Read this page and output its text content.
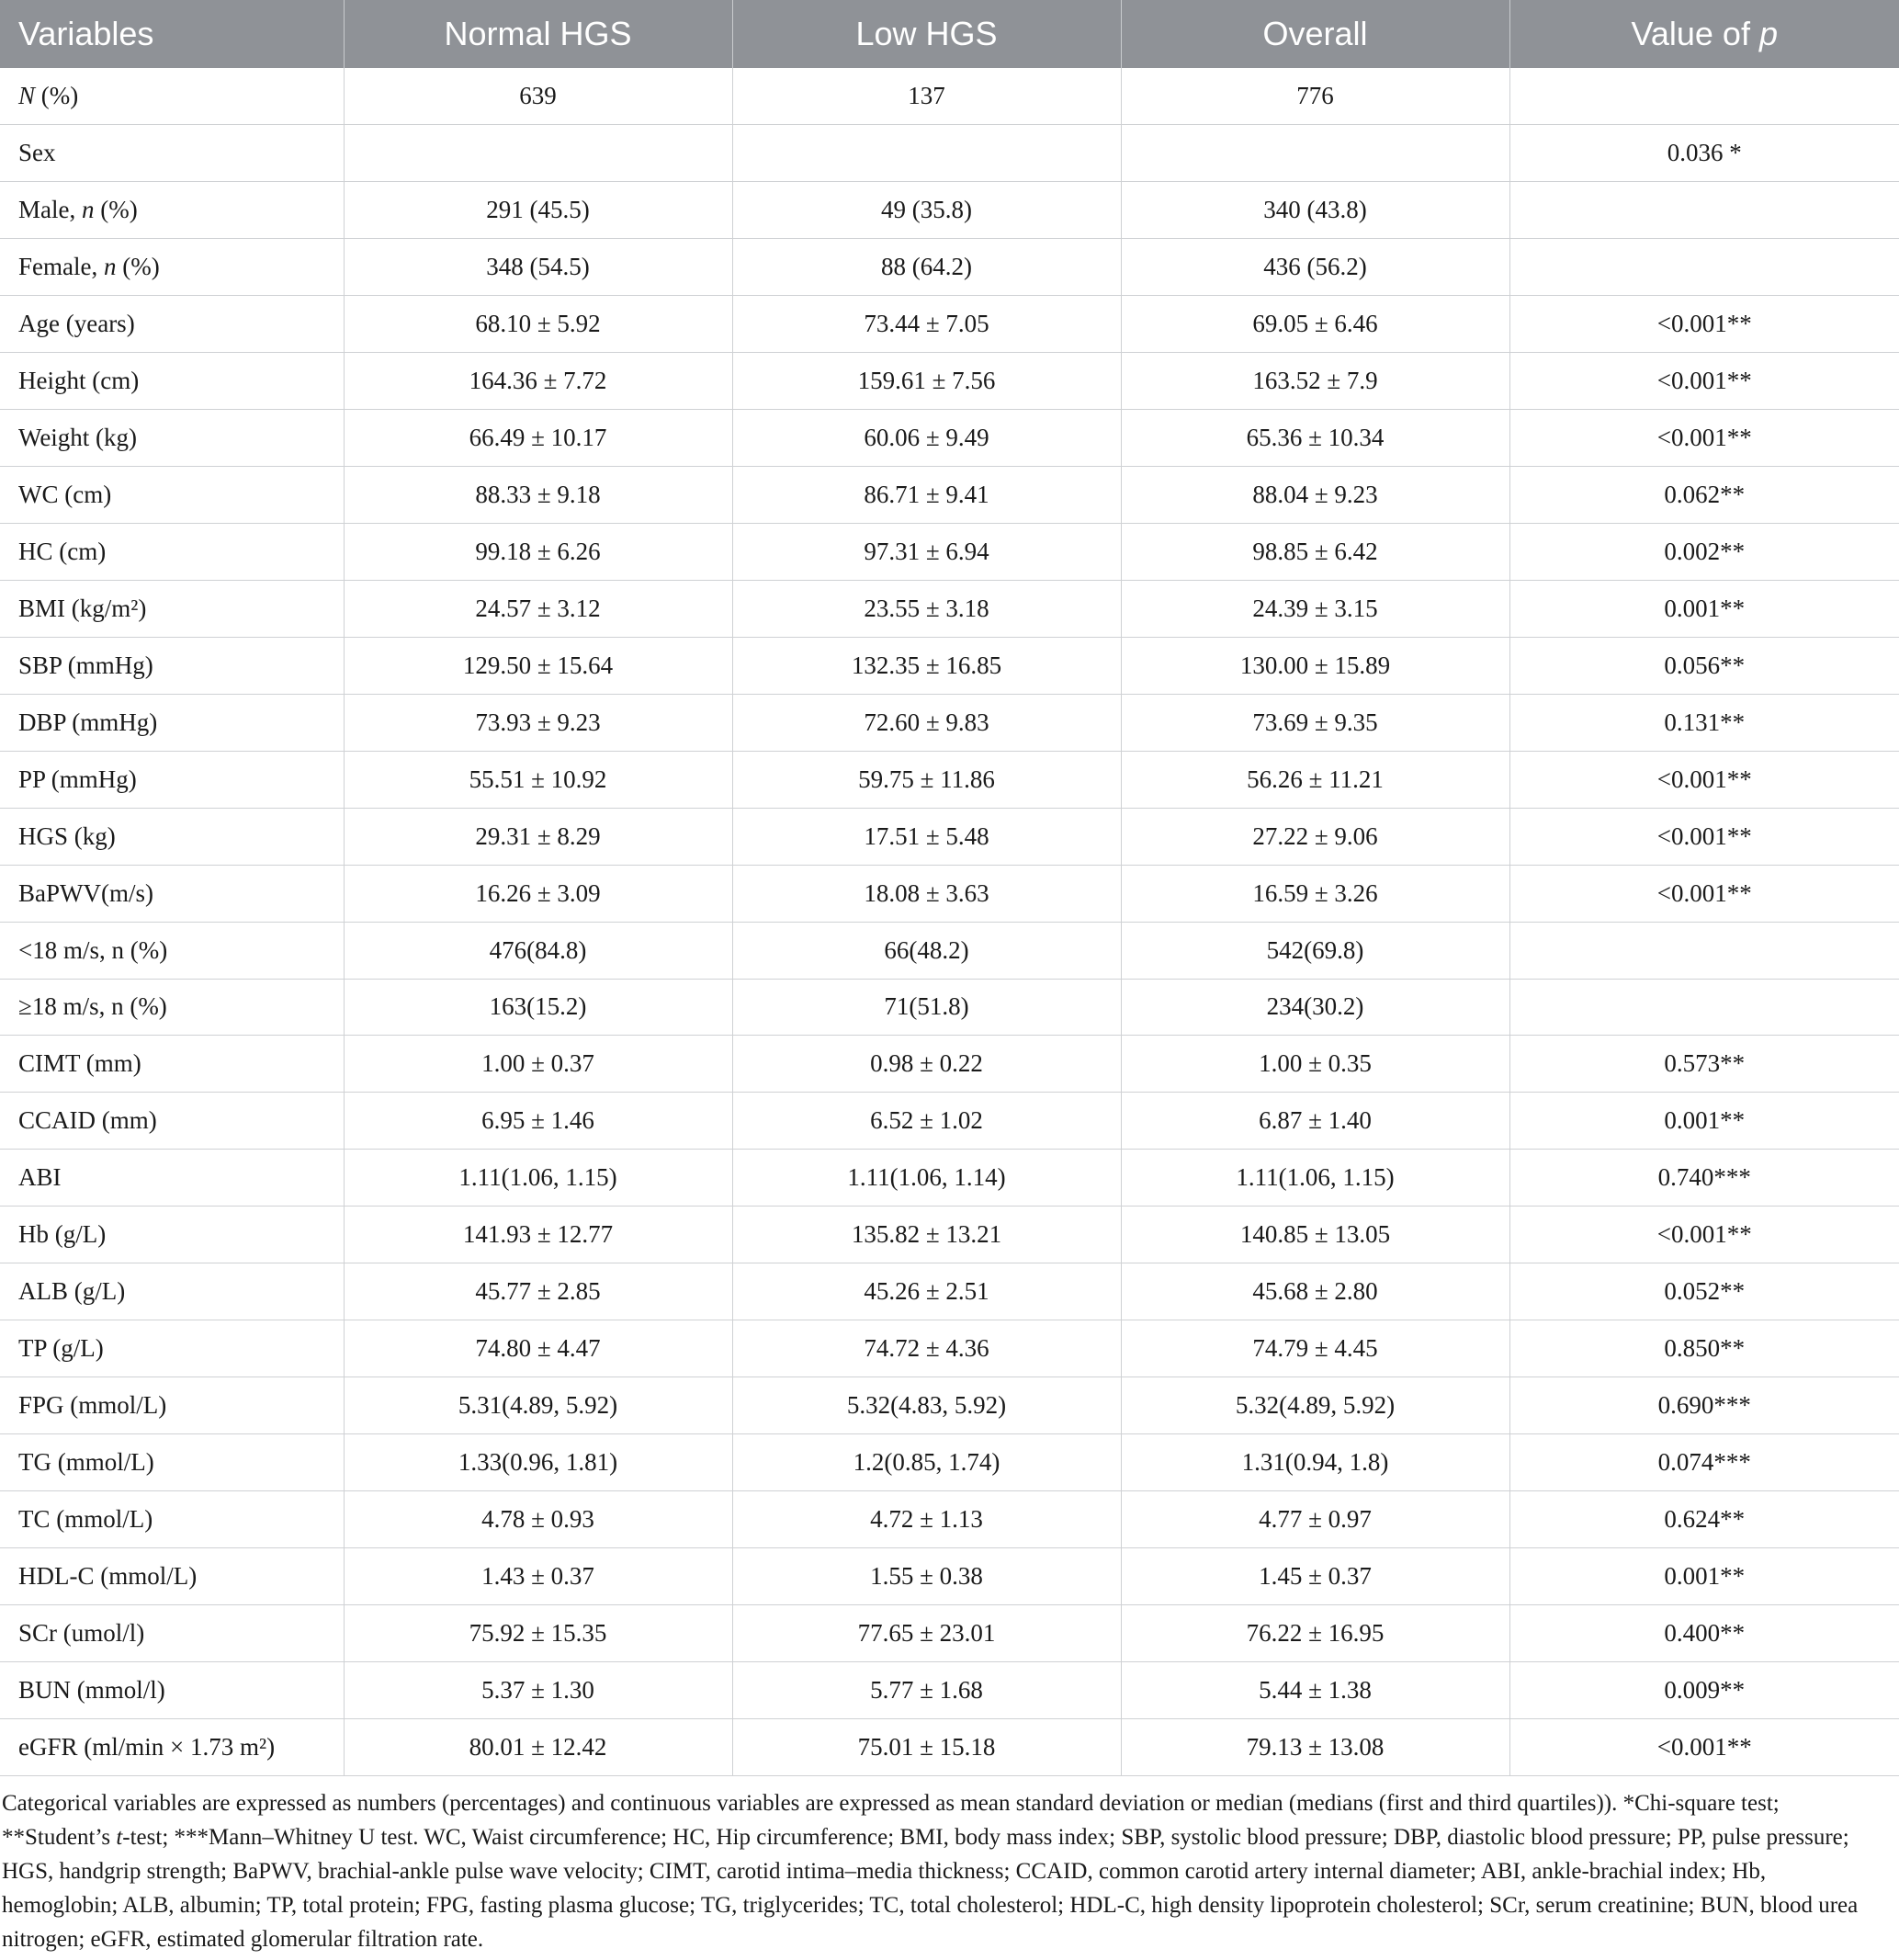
Variables	Normal HGS	Low HGS	Overall	Value of p
N (%)	639	137	776	
Sex				0.036 *
Male, n (%)	291 (45.5)	49 (35.8)	340 (43.8)	
Female, n (%)	348 (54.5)	88 (64.2)	436 (56.2)	
Age (years)	68.10 ± 5.92	73.44 ± 7.05	69.05 ± 6.46	<0.001**
Height (cm)	164.36 ± 7.72	159.61 ± 7.56	163.52 ± 7.9	<0.001**
Weight (kg)	66.49 ± 10.17	60.06 ± 9.49	65.36 ± 10.34	<0.001**
WC (cm)	88.33 ± 9.18	86.71 ± 9.41	88.04 ± 9.23	0.062**
HC (cm)	99.18 ± 6.26	97.31 ± 6.94	98.85 ± 6.42	0.002**
BMI (kg/m²)	24.57 ± 3.12	23.55 ± 3.18	24.39 ± 3.15	0.001**
SBP (mmHg)	129.50 ± 15.64	132.35 ± 16.85	130.00 ± 15.89	0.056**
DBP (mmHg)	73.93 ± 9.23	72.60 ± 9.83	73.69 ± 9.35	0.131**
PP (mmHg)	55.51 ± 10.92	59.75 ± 11.86	56.26 ± 11.21	<0.001**
HGS (kg)	29.31 ± 8.29	17.51 ± 5.48	27.22 ± 9.06	<0.001**
BaPWV(m/s)	16.26 ± 3.09	18.08 ± 3.63	16.59 ± 3.26	<0.001**
<18 m/s, n (%)	476(84.8)	66(48.2)	542(69.8)	
≥18 m/s, n (%)	163(15.2)	71(51.8)	234(30.2)	
CIMT (mm)	1.00 ± 0.37	0.98 ± 0.22	1.00 ± 0.35	0.573**
CCAID (mm)	6.95 ± 1.46	6.52 ± 1.02	6.87 ± 1.40	0.001**
ABI	1.11(1.06, 1.15)	1.11(1.06, 1.14)	1.11(1.06, 1.15)	0.740***
Hb (g/L)	141.93 ± 12.77	135.82 ± 13.21	140.85 ± 13.05	<0.001**
ALB (g/L)	45.77 ± 2.85	45.26 ± 2.51	45.68 ± 2.80	0.052**
TP (g/L)	74.80 ± 4.47	74.72 ± 4.36	74.79 ± 4.45	0.850**
FPG (mmol/L)	5.31(4.89, 5.92)	5.32(4.83, 5.92)	5.32(4.89, 5.92)	0.690***
TG (mmol/L)	1.33(0.96, 1.81)	1.2(0.85, 1.74)	1.31(0.94, 1.8)	0.074***
TC (mmol/L)	4.78 ± 0.93	4.72 ± 1.13	4.77 ± 0.97	0.624**
HDL-C (mmol/L)	1.43 ± 0.37	1.55 ± 0.38	1.45 ± 0.37	0.001**
SCr (umol/l)	75.92 ± 15.35	77.65 ± 23.01	76.22 ± 16.95	0.400**
BUN (mmol/l)	5.37 ± 1.30	5.77 ± 1.68	5.44 ± 1.38	0.009**
eGFR (ml/min × 1.73 m²)	80.01 ± 12.42	75.01 ± 15.18	79.13 ± 13.08	<0.001**

Categorical variables are expressed as numbers (percentages) and continuous variables are expressed as mean standard deviation or median (medians (first and third quartiles)). *Chi-square test; **Student’s t-test; ***Mann–Whitney U test. WC, Waist circumference; HC, Hip circumference; BMI, body mass index; SBP, systolic blood pressure; DBP, diastolic blood pressure; PP, pulse pressure; HGS, handgrip strength; BaPWV, brachial-ankle pulse wave velocity; CIMT, carotid intima–media thickness; CCAID, common carotid artery internal diameter; ABI, ankle-brachial index; Hb, hemoglobin; ALB, albumin; TP, total protein; FPG, fasting plasma glucose; TG, triglycerides; TC, total cholesterol; HDL-C, high density lipoprotein cholesterol; SCr, serum creatinine; BUN, blood urea nitrogen; eGFR, estimated glomerular filtration rate.
